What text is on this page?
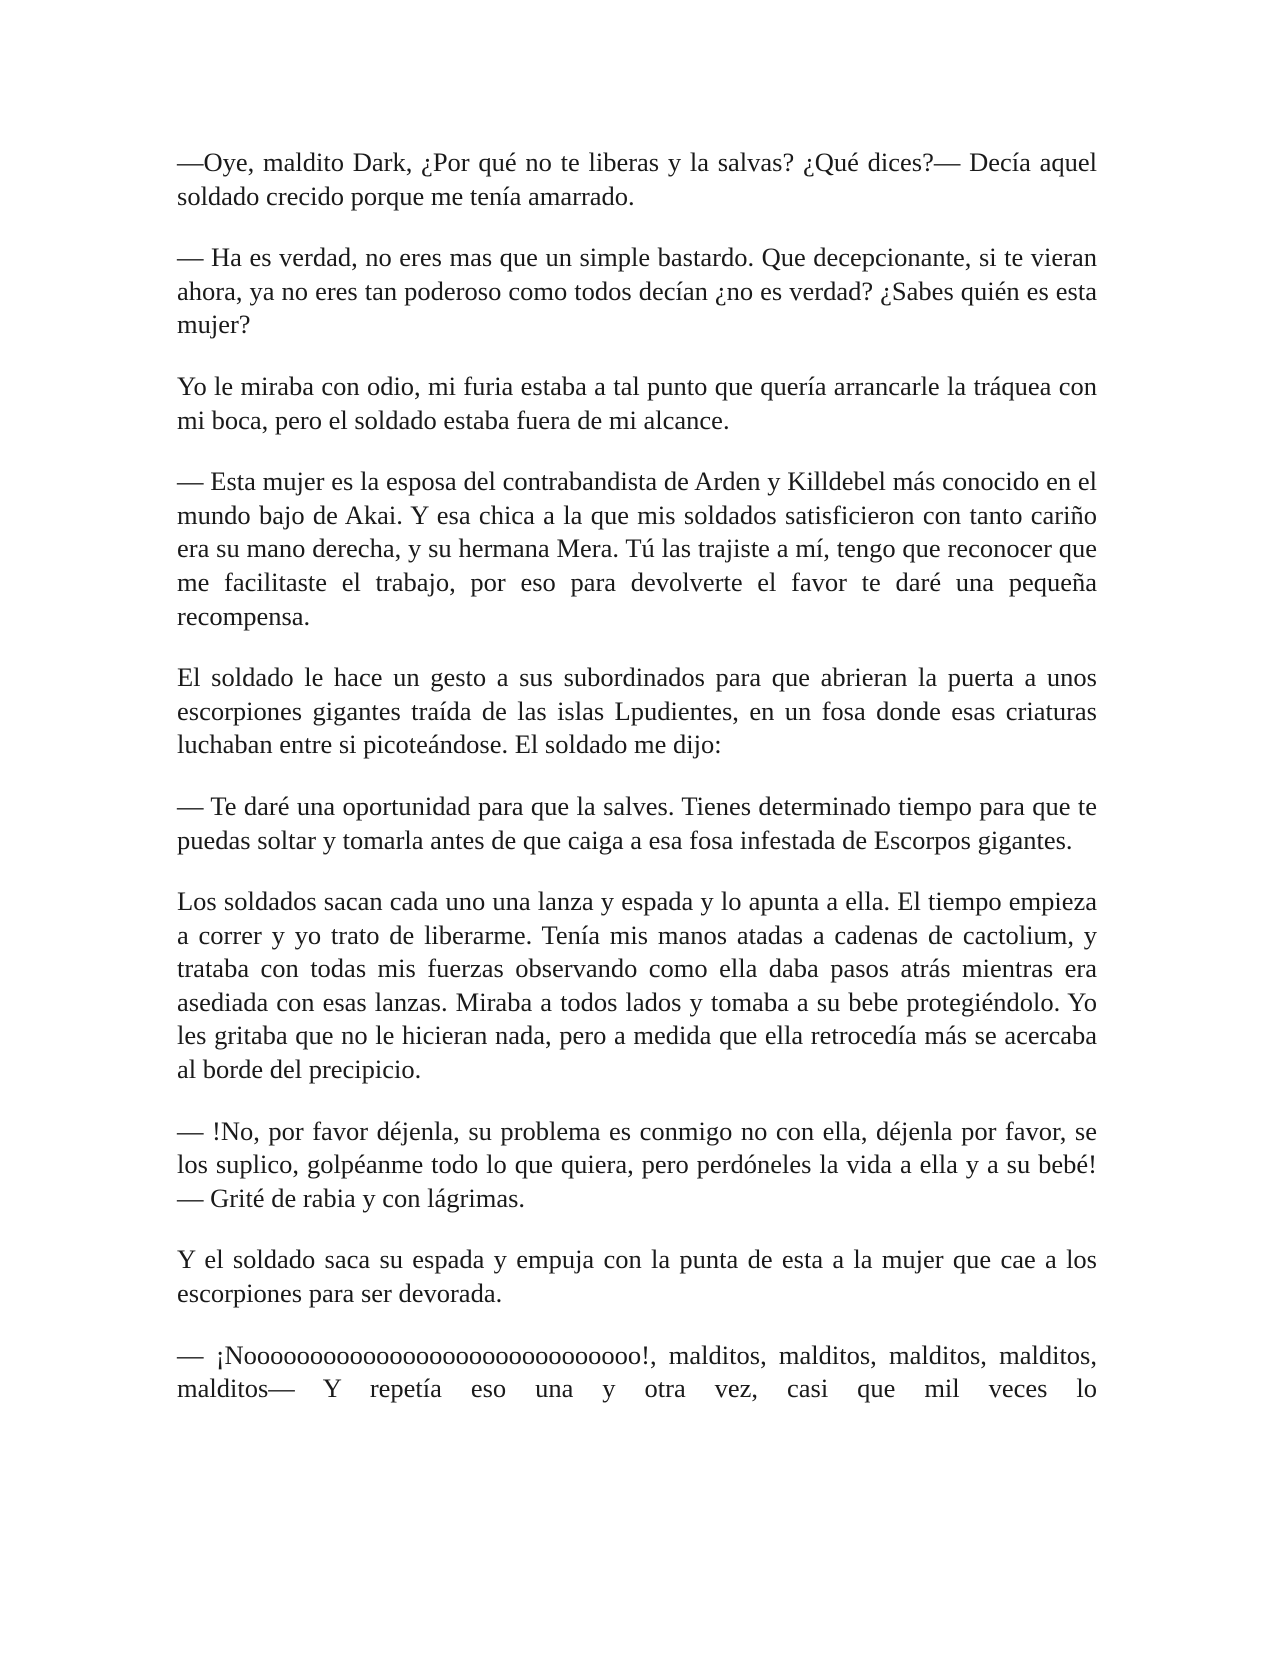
—Oye, maldito Dark, ¿Por qué no te liberas y la salvas? ¿Qué dices?— Decía aquel soldado crecido porque me tenía amarrado.

— Ha es verdad, no eres mas que un simple bastardo. Que decepcionante, si te vieran ahora, ya no eres tan poderoso como todos decían ¿no es verdad? ¿Sabes quién es esta mujer?

Yo le miraba con odio, mi furia estaba a tal punto que quería arrancarle la tráquea con mi boca, pero el soldado estaba fuera de mi alcance.

— Esta mujer es la esposa del contrabandista de Arden y Killdebel más conocido en el mundo bajo de Akai. Y esa chica a la que mis soldados satisficieron con tanto cariño era su mano derecha, y su hermana Mera. Tú las trajiste a mí, tengo que reconocer que me facilitaste el trabajo, por eso para devolverte el favor te daré una pequeña recompensa.

El soldado le hace un gesto a sus subordinados para que abrieran la puerta a unos escorpiones gigantes traída de las islas Lpudientes, en un fosa donde esas criaturas luchaban entre si picoteándose. El soldado me dijo:

— Te daré una oportunidad para que la salves. Tienes determinado tiempo para que te puedas soltar y tomarla antes de que caiga a esa fosa infestada de Escorpos gigantes.

Los soldados sacan cada uno una lanza y espada y lo apunta a ella. El tiempo empieza a correr y yo trato de liberarme. Tenía mis manos atadas a cadenas de cactolium, y trataba con todas mis fuerzas observando como ella daba pasos atrás mientras era asediada con esas lanzas. Miraba a todos lados y tomaba a su bebe protegiéndolo. Yo les gritaba que no le hicieran nada, pero a medida que ella retrocedía más se acercaba al borde del precipicio.

— !No, por favor déjenla, su problema es conmigo no con ella, déjenla por favor, se los suplico, golpéanme todo lo que quiera, pero perdóneles la vida a ella y a su bebé!— Grité de rabia y con lágrimas.

Y el soldado saca su espada y empuja con la punta de esta a la mujer que cae a los escorpiones para ser devorada.

— ¡Noooooooooooooooooooooooooooooo!, malditos, malditos, malditos, malditos, malditos— Y repetía eso una y otra vez, casi que mil veces lo
